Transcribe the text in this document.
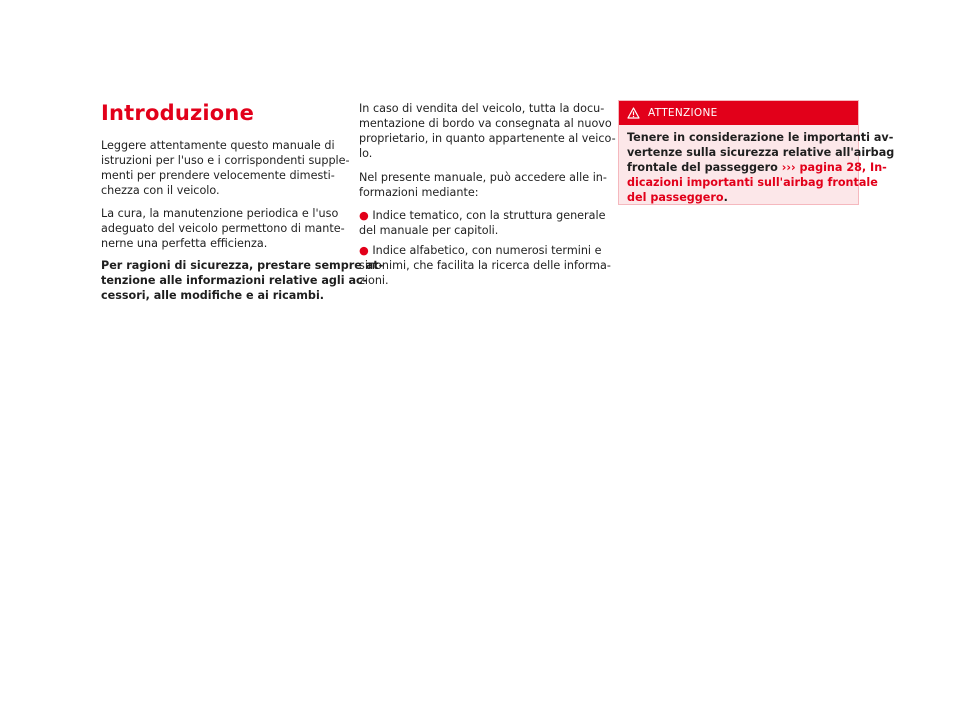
Introduzione
Leggere attentamente questo manuale di
istruzioni per l'uso e i corrispondenti supple-
menti per prendere velocemente dimesti-
chezza con il veicolo.
La cura, la manutenzione periodica e l'uso
adeguato del veicolo permettono di mante-
nerne una perfetta efficienza.
Per ragioni di sicurezza, prestare sempre at-
tenzione alle informazioni relative agli ac-
cessori, alle modifiche e ai ricambi.
In caso di vendita del veicolo, tutta la docu-
mentazione di bordo va consegnata al nuovo
proprietario, in quanto appartenente al veico-
lo.
Nel presente manuale, può accedere alle in-
formazioni mediante:
● Indice tematico, con la struttura generale
del manuale per capitoli.
● Indice alfabetico, con numerosi termini e
sinonimi, che facilita la ricerca delle informa-
zioni.
ATTENZIONE
Tenere in considerazione le importanti av-
vertenze sulla sicurezza relative all'airbag
frontale del passeggero ››› pagina 28, In-
dicazioni importanti sull'airbag frontale
del passeggero.
